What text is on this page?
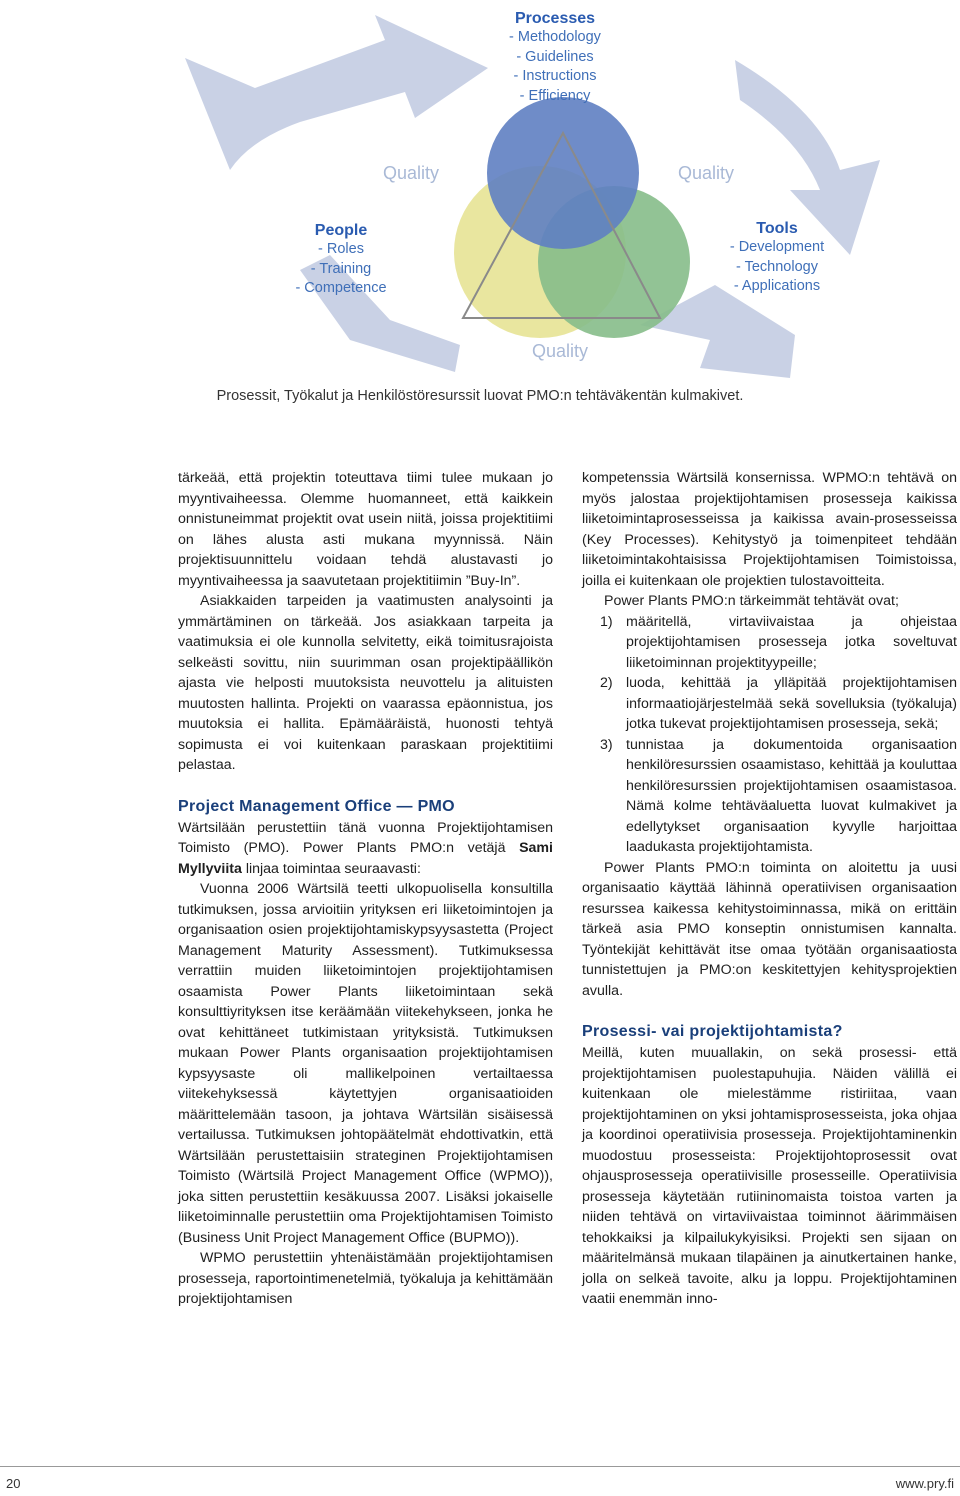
Processes
- Methodology
- Guidelines
- Instructions
- Efficiency
People
- Roles
- Training
- Competence
Tools
- Development
- Technology
- Applications
Quality	Quality
Quality
Prosessit, Työkalut ja Henkilöstöresurssit luovat PMO:n tehtäväkentän kulmakivet.

tärkeää, että projektin toteuttava tiimi tulee mukaan jo myyntivaiheessa. Olemme huomanneet, että kaikkein onnistuneimmat projektit ovat usein niitä, joissa projektitiimi on lähes alusta asti mukana myynnissä. Näin projektisuunnittelu voidaan tehdä alustavasti jo myyntivaiheessa ja saavutetaan projektitiimin ”Buy-In”.

Asiakkaiden tarpeiden ja vaatimusten analysointi ja ymmärtäminen on tärkeää. Jos asiakkaan tarpeita ja vaatimuksia ei ole kunnolla selvitetty, eikä toimitusrajoista selkeästi sovittu, niin suurimman osan projektipäällikön ajasta vie helposti muutoksista neuvottelu ja alituisten muutosten hallinta. Projekti on vaarassa epäonnistua, jos muutoksia ei hallita. Epämääräistä, huonosti tehtyä sopimusta ei voi kuitenkaan paraskaan projektitiimi pelastaa.

Project Management Office — PMO

Wärtsilään perustettiin tänä vuonna Projektijohtamisen Toimisto (PMO). Power Plants PMO:n vetäjä Sami Myllyviita linjaa toimintaa seuraavasti:

Vuonna 2006 Wärtsilä teetti ulkopuolisella konsultilla tutkimuksen, jossa arvioitiin yrityksen eri liiketoimintojen ja organisaation osien projektijohtamiskypsyysastetta (Project Management Maturity Assessment). Tutkimuksessa verrattiin muiden liiketoimintojen projektijohtamisen osaamista Power Plants liiketoimintaan sekä konsulttiyrityksen itse keräämään viitekehykseen, jonka he ovat kehittäneet tutkimistaan yrityksistä. Tutkimuksen mukaan Power Plants organisaation projektijohtamisen kypsyysaste oli mallikelpoinen vertailtaessa viitekehyksessä käytettyjen organisaatioiden määrittelemään tasoon, ja johtava Wärtsilän sisäisessä vertailussa. Tutkimuksen johtopäätelmät ehdottivatkin, että Wärtsilään perustettaisiin strateginen Projektijohtamisen Toimisto (Wärtsilä Project Management Office (WPMO)), joka sitten perustettiin kesäkuussa 2007. Lisäksi jokaiselle liiketoiminnalle perustettiin oma Projektijohtamisen Toimisto (Business Unit Project Management Office (BUPMO)).

WPMO perustettiin yhtenäistämään projektijohtamisen prosesseja, raportointimenetelmiä, työkaluja ja kehittämään projektijohtamisen

kompetenssia Wärtsilä konsernissa. WPMO:n tehtävä on myös jalostaa projektijohtamisen prosesseja kaikissa liiketoimintaprosesseissa ja kaikissa avain-prosesseissa (Key Processes). Kehitystyö ja toimenpiteet tehdään liiketoimintakohtaisissa Projektijohtamisen Toimistoissa, joilla ei kuitenkaan ole projektien tulostavoitteita.

Power Plants PMO:n tärkeimmät tehtävät ovat;

1) määritellä, virtaviivaistaa ja ohjeistaa projektijohtamisen prosesseja jotka soveltuvat liiketoiminnan projektityypeille;
2) luoda, kehittää ja ylläpitää projektijohtamisen informaatiojärjestelmää sekä sovelluksia (työkaluja) jotka tukevat projektijohtamisen prosesseja, sekä;
3) tunnistaa ja dokumentoida organisaation henkilöresurssien osaamistaso, kehittää ja kouluttaa henkilöresurssien projektijohtamisen osaamistasoa. Nämä kolme tehtäväaluetta luovat kulmakivet ja edellytykset organisaation kyvylle harjoittaa laadukasta projektijohtamista.

Power Plants PMO:n toiminta on aloitettu ja uusi organisaatio käyttää lähinnä operatiivisen organisaation resurssea kaikessa kehitystoiminnassa, mikä on erittäin tärkeä asia PMO konseptin onnistumisen kannalta. Työntekijät kehittävät itse omaa työtään organisaatiosta tunnistettujen ja PMO:on keskitettyjen kehitysprojektien avulla.

Prosessi- vai projektijohtamista?

Meillä, kuten muuallakin, on sekä prosessi- että projektijohtamisen puolestapuhujia. Näiden välillä ei kuitenkaan ole mielestämme ristiriitaa, vaan projektijohtaminen on yksi johtamisprosesseista, joka ohjaa ja koordinoi operatiivisia prosesseja. Projektijohtaminenkin muodostuu prosesseista: Projektijohtoprosessit ovat ohjausprosesseja operatiivisille prosesseille. Operatiivisia prosesseja käytetään rutiininomaista toistoa varten ja niiden tehtävä on virtaviivaistaa toiminnot äärimmäisen tehokkaiksi ja kilpailukykyisiksi. Projekti sen sijaan on määritelmänsä mukaan tilapäinen ja ainutkertainen hanke, jolla on selkeä tavoite, alku ja loppu. Projektijohtaminen vaatii enemmän inno-

20	www.pry.fi
